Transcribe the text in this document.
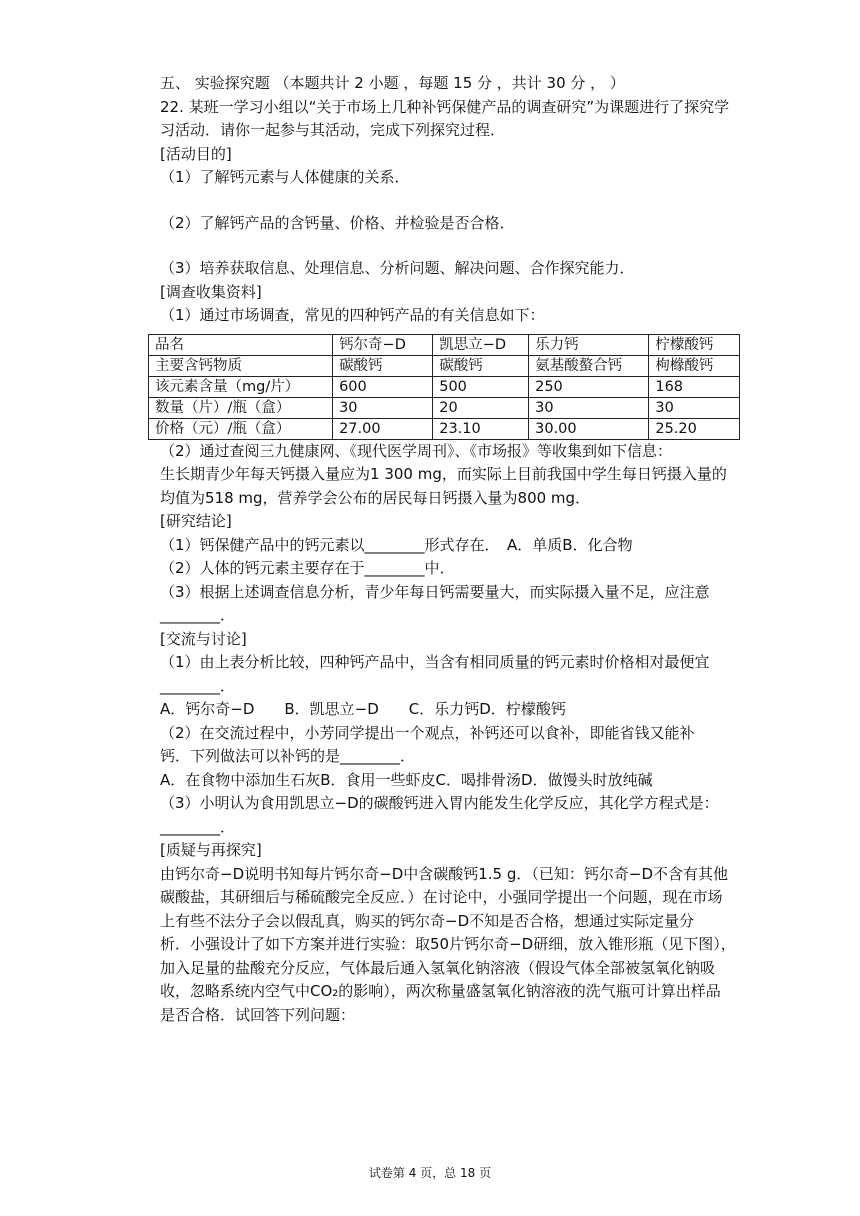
五、 实验探究题 （本题共计 2 小题 ，每题 15 分 ，共计 30 分 ， ）

22. 某班一学习小组以“关于市场上几种补钙保健产品的调查研究”为课题进行了探究学

习活动．请你一起参与其活动，完成下列探究过程．

[活动目的]

（1）了解钙元素与人体健康的关系．

（2）了解钙产品的含钙量、价格、并检验是否合格．

（3）培养获取信息、处理信息、分析问题、解决问题、合作探究能力．

[调查收集资料]

（1）通过市场调查，常见的四种钙产品的有关信息如下：

品名	钙尔奇−D	凯思立−D	乐力钙	柠檬酸钙
主要含钙物质	碳酸钙	碳酸钙	氨基酸螯合钙	枸橼酸钙
该元素含量（mg/片）	600	500	250	168
数量（片）/瓶（盒）	30	20	30	30
价格（元）/瓶（盒）	27.00	23.10	30.00	25.20

（2）通过查阅三九健康网、《现代医学周刊》、《市场报》等收集到如下信息：

生长期青少年每天钙摄入量应为1 300 mg，而实际上目前我国中学生每日钙摄入量的

均值为518 mg，营养学会公布的居民每日钙摄入量为800 mg．

[研究结论]

（1）钙保健产品中的钙元素以________形式存在．　A．单质B．化合物

（2）人体的钙元素主要存在于________中．

（3）根据上述调查信息分析，青少年每日钙需要量大，而实际摄入量不足，应注意

________．

[交流与讨论]

（1）由上表分析比较，四种钙产品中，当含有相同质量的钙元素时价格相对最便宜

________．

A．钙尔奇−D　　B．凯思立−D　　C．乐力钙D．柠檬酸钙

（2）在交流过程中，小芳同学提出一个观点，补钙还可以食补，即能省钱又能补

钙．下列做法可以补钙的是________．

A．在食物中添加生石灰B．食用一些虾皮C．喝排骨汤D．做馒头时放纯碱

（3）小明认为食用凯思立−D的碳酸钙进入胃内能发生化学反应，其化学方程式是：

________．

[质疑与再探究]

由钙尔奇−D说明书知每片钙尔奇−D中含碳酸钙1.5 g．（已知：钙尔奇−D不含有其他

碳酸盐，其研细后与稀硫酸完全反应．）在讨论中，小强同学提出一个问题，现在市场

上有些不法分子会以假乱真，购买的钙尔奇−D不知是否合格，想通过实际定量分

析．小强设计了如下方案并进行实验：取50片钙尔奇−D研细，放入锥形瓶（见下图），

加入足量的盐酸充分反应，气体最后通入氢氧化钠溶液（假设气体全部被氢氧化钠吸

收，忽略系统内空气中CO₂的影响），两次称量盛氢氧化钠溶液的洗气瓶可计算出样品

是否合格．试回答下列问题：

试卷第 4 页，总 18 页
